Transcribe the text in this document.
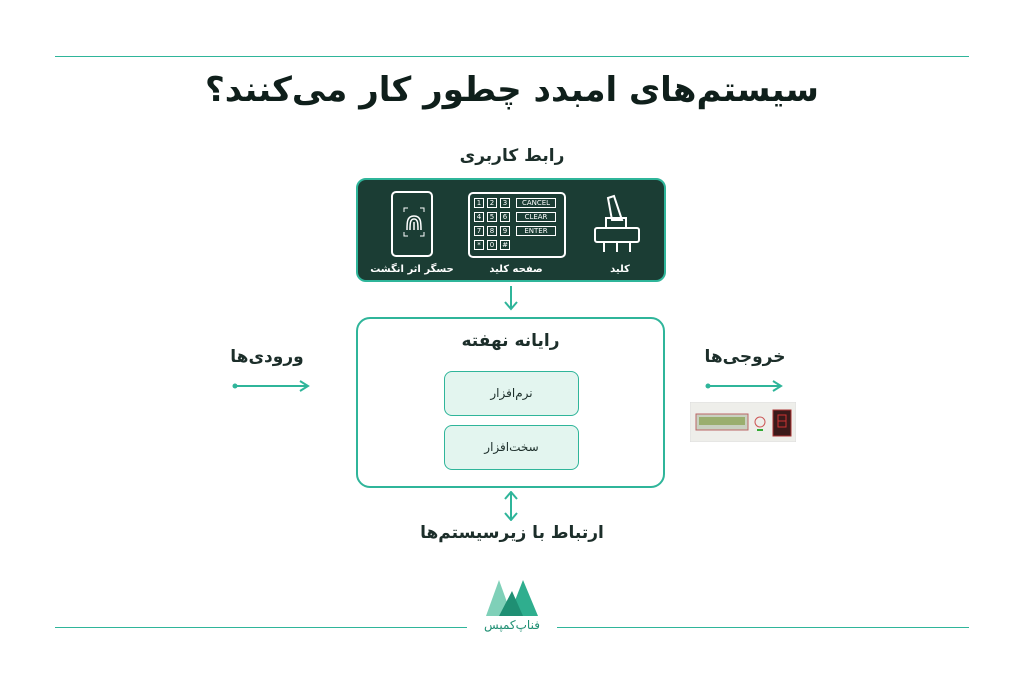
سیستم‌های امبدد چطور کار می‌کنند؟
رابط کاربری
1	2	3
4	5	6
7	8	9
*	0	#
CANCEL
CLEAR
ENTER
حسگر اثر انگشت	صفحه کلید	کلید
رایانه نهفته
نرم‌افزار
سخت‌افزار
ورودی‌ها	خروجی‌ها
ارتباط با زیرسیستم‌ها
فناپ‌کمپس
